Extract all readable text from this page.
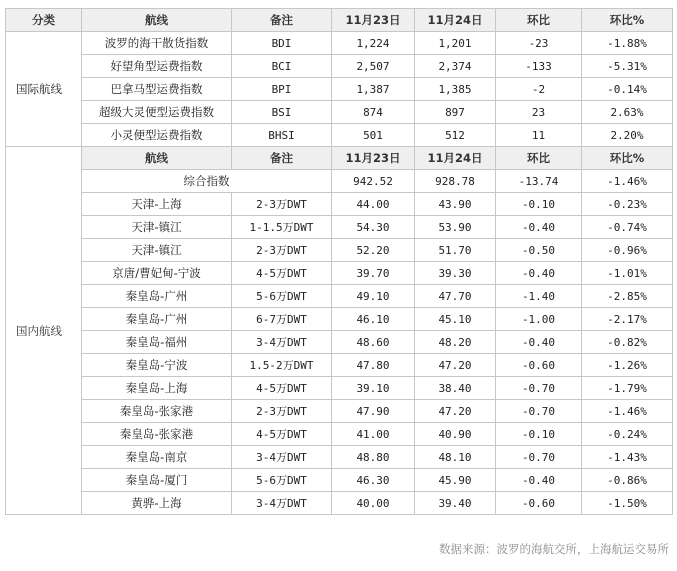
分类	航线	备注	11月23日	11月24日	环比	环比%
国际航线	波罗的海干散货指数	BDI	1,224	1,201	-23	-1.88%
	好望角型运费指数	BCI	2,507	2,374	-133	-5.31%
	巴拿马型运费指数	BPI	1,387	1,385	-2	-0.14%
	超级大灵便型运费指数	BSI	874	897	23	2.63%
	小灵便型运费指数	BHSI	501	512	11	2.20%
国内航线	航线	备注	11月23日	11月24日	环比	环比%
	综合指数		942.52	928.78	-13.74	-1.46%
	天津-上海	2-3万DWT	44.00	43.90	-0.10	-0.23%
	天津-镇江	1-1.5万DWT	54.30	53.90	-0.40	-0.74%
	天津-镇江	2-3万DWT	52.20	51.70	-0.50	-0.96%
	京唐/曹妃甸-宁波	4-5万DWT	39.70	39.30	-0.40	-1.01%
	秦皇岛-广州	5-6万DWT	49.10	47.70	-1.40	-2.85%
	秦皇岛-广州	6-7万DWT	46.10	45.10	-1.00	-2.17%
	秦皇岛-福州	3-4万DWT	48.60	48.20	-0.40	-0.82%
	秦皇岛-宁波	1.5-2万DWT	47.80	47.20	-0.60	-1.26%
	秦皇岛-上海	4-5万DWT	39.10	38.40	-0.70	-1.79%
	秦皇岛-张家港	2-3万DWT	47.90	47.20	-0.70	-1.46%
	秦皇岛-张家港	4-5万DWT	41.00	40.90	-0.10	-0.24%
	秦皇岛-南京	3-4万DWT	48.80	48.10	-0.70	-1.43%
	秦皇岛-厦门	5-6万DWT	46.30	45.90	-0.40	-0.86%
	黄骅-上海	3-4万DWT	40.00	39.40	-0.60	-1.50%
数据来源：波罗的海航交所，上海航运交易所
